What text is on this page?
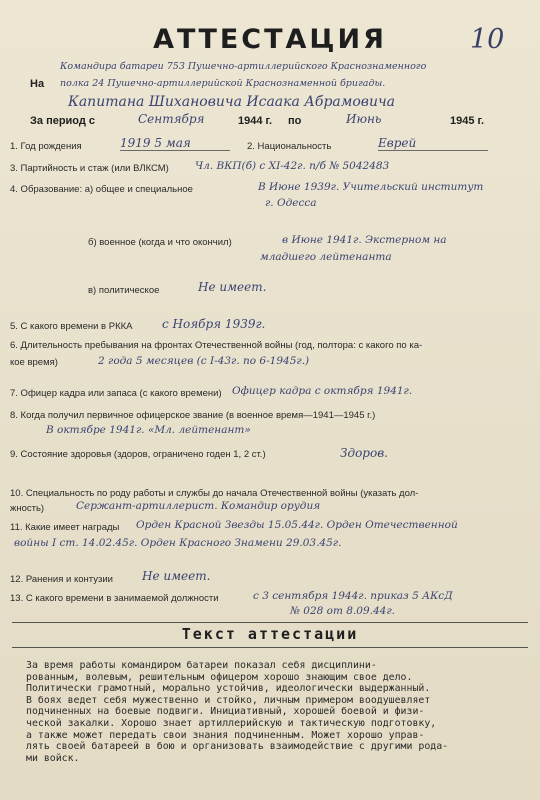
АТТЕСТАЦИЯ	10
Командира батареи 753 Пушечно-артиллерийского Краснознаменного
На полка 24 Пушечно-артиллерийской Краснознаменной бригады.
Капитана Шихановича Исаака Абрамовича
За период с	Сентября	1944 г. по	Июнь	1945 г.
1. Год рождения	1919 5 мая	2. Национальность	Еврей
3. Партийность и стаж (или ВЛКСМ) Чл. ВКП(б) с XI-42г. п/б № 5042483
4. Образование: а) общее и специальное	В Июне 1939г. Учительский институт
г. Одесса
б) военное (когда и что окончил)	в Июне 1941г. Экстерном на
младшего лейтенанта
в) политическое	Не имеет.
5. С какого времени в РККА с Ноября 1939г.
6. Длительность пребывания на фронтах Отечественной войны (год, полтора: с какого по ка-
кое время)	2 года 5 месяцев (с I-43г. по 6-1945г.)
7. Офицер кадра или запаса (с какого времени) Офицер кадра с октября 1941г.
8. Когда получил первичное офицерское звание (в военное время—1941—1945 г.)
В октябре 1941г. «Мл. лейтенант»
9. Состояние здоровья (здоров, ограничено годен 1, 2 ст.)	Здоров.
10. Специальность по роду работы и службы до начала Отечественной войны (указать дол-
жность)	Сержант-артиллерист. Командир орудия
11. Какие имеет награды Орден Красной Звезды 15.05.44г. Орден Отечественной
войны I ст. 14.02.45г. Орден Красного Знамени 29.03.45г.
12. Ранения и контузии Не имеет.
13. С какого времени в занимаемой должности	с 3 сентября 1944г. приказ 5 АКсД
№ 028 от 8.09.44г.
Текст аттестации
За время работы командиром батареи показал себя дисциплини-
рованным, волевым, решительным офицером хорошо знающим свое дело.
Политически грамотный, морально устойчив, идеологически выдержанный.
В боях ведет себя мужественно и стойко, личным примером воодушевляет
подчиненных на боевые подвиги. Инициативный, хорошей боевой и физи-
ческой закалки. Хорошо знает артиллерийскую и тактическую подготовку,
а также может передать свои знания подчиненным. Может хорошо управ-
лять своей батареей в бою и организовать взаимодействие с другими рода-
ми войск.
